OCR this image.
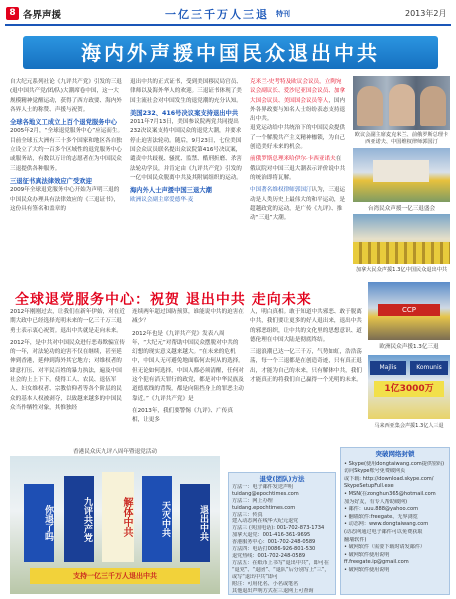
8 各界声援	一亿三千万人三退 特刊	2013年2月
海内外声援中国民众退出中共

自大纪元系列社论《九评共产党》引发的三退(退中国共产党/团/队)大潮席卷中国，这一大规模精神觉醒运动，获得了西方政要、海内外各界人士的称赞、声援与祝贺。

全球各地义工成立上百个退党服务中心

2005年2月，“全球退党服务中心”应运而生。目前全球五大洲有三十多个国家和地区各自独立设立了大约一百多个区域性的退党服务中心或服务站，有数以万计的志愿者在为中国民众三退提供各种服务。

三退征书真法律效应广受欢迎

2009年全球退党服务中心开始为声明三退的中国民众办理具有法律效应的《三退证书》，这份具有签名和盖章的

退出中共的正式证书，受到美国移民局官员、律师以及海外华人的欢迎。三退证书体现了美国主流社会对中国发生的退党潮的充分认知。

美国232、416号决议案支持退出中共

2011年7月13日，美国参议院两党共同提出232决议案支持中国民众的退党大潮，并要求停止迫害法轮功。随后，9月23日，七位美国国会众议员联名提出众议院第416号决议案，谴责中共歧视、骚扰、监禁、酷刑折磨、杀害法轮功学员，并肯定由《九评共产党》引发的一亿中国民众脱离中共及其附属组织的运动。

海内外人士声援中国三退大潮

欧洲议会副主席爱德华·麦

克米兰-史考特及欧议会议员，立陶宛议会副议长、爱沙尼亚国会议员、加拿大国会议员、美国国会议员等人，国内外各界政要与知名人士纷纷表态支持退出中共。

退党运动给中共统治下的中国民众提供了一个解脱共产主义精神枷锁，为自己创造美好未来的机会。

前俄罗斯总理米哈伊尔·卡西亚诺夫在俄议院对中国三退大潮表示评价说中共的统治即将瓦解。

中国著名维权律师郭国汀认为，三退运动是人类历史上最伟大的和平运动，是超越政党的运动，是广传《九评》、推动“三退”大潮。

欧议会副主席麦克米兰、前俄罗斯总理卡西亚诺夫、中国维权律师郭国汀
台湾民众声援一亿三退盛会
加拿大民众声援1.3亿中国民众退出中共
全球退党服务中心：祝贺 退出中共 走向未来
CCP
欧洲民众声援1.3亿三退
Majlis	Komunis
1亿3000万
马来西亚集会声援1.3亿人三退

2012年刚刚过去，让我们在新年伊始，对在近期大政中已经选择光明未来的一亿三千万三退勇士表示衷心祝贺。退出中共就是走向未来。

2012年，是中共对中国民众进行恶毒欺骗宣传的一年，对法轮功的迫害不仅在继续，甚至延伸到香港，延伸到海外其它地方；对维权者的肆意打压、对平民百姓的暴力执法，遍及中国社会的上上下下，使得工人、农民、退伍军人、妇女维权者、宗教信仰者等各个阶层的民众的基本人权被剥夺，以致越来越多的中国民众当作牺牲对象，其惟独经

连续两年超过国防预算，谁能说中共的迫害在减少？

2012年也是《九评共产党》发表八周年，“大纪元”对帮助中国民众摆脱对中共的幻想的现实意义越来越大。“在未来的危机中，中国人无可避免地面临何去何从的选择。但无论如何选择，中国人都必须清醒，任何对这个犯有滔天罪行的政党，都是对中华民族及道德底线的背叛，都是向阻挡身上的罪恶主动靠近。”《九评共产党》是

在2013年，我们要警惕《九评》、广传真相，让更多

人，明白真相。敢于知道中共邪恶、敢于脱离中共，我们要让更多的好人退出来，退出中共的邪恶组织，让中共的文化里的思想意识、道德伦理在中国大陆是彻底终结。

三退浪潮已达一亿三千万，气势如虹，浩浩荡荡，每一个三退都是在创造奇迹，只有真正退出，才能为自己的未来，只有解体中共，我们才能真正的将我们自己赢得一个光明的未来。

香港民众庆九评八周年暨退党活动
你退了吗	九评共产党	解体中共	天灭中共	退出中共
支持一亿三千万人退出中共
退党(团队)方法
方法一：电子邮件发送声明
tuidang@epochtimes.com
方法二：网上办理
tuidang.epochtimes.com
方法三：传真
建入动态网在线华大纪元退党
方法三 (英国电话): 001-702-873-1734
加拿大退党：001-416-361-9695
香港服务中心：001-702-248-0589
方法四：电话打0086-926-801-530
退党热线：001-702-248-0589
方法五：在纸币上书写“退出中共”，即可在
“退党”、“退团”、“退队”后分别写上“三”，
或写“退出中共”即可
附注：可用化名、小名或笔名
其他退出声明方式在三退网上可查询
突破网络封锁
• Skype(使用dongtaiwang.com提供密码)
访问Skype账号免费破网页
或下载: http://download.skype.com/
SkypeSetupFull.exe
• MSN(在zonghun365@hotmail.com
加为好友，有专人帮助破网)
• 邮件：uuu.888@yahoo.com
• 翻墙软件:freegate、无界浏览
• 动态网：www.dongtaiwang.com
(动态网通过电子邮件可以免费获取
翻墙软件)
• 破网软件（需要下载时请发邮件）
• 破网软件使用说明
ff.freegate.ip@gmail.com
• 破网软件使用说明
